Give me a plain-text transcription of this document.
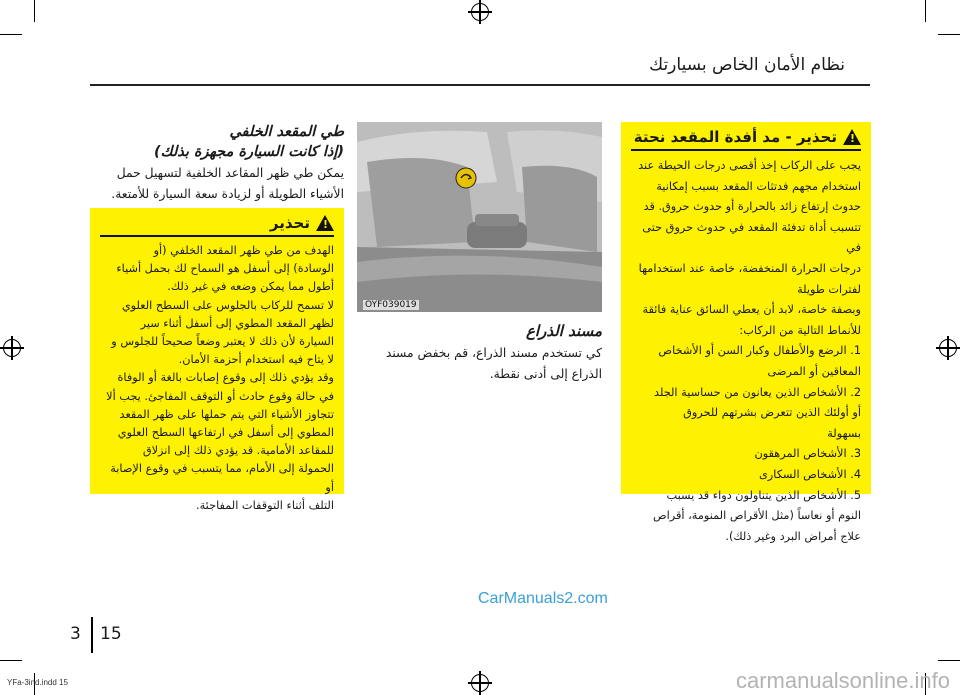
نظام الأمان الخاص بسيارتك
!
تحذير - مد أفدة المقعد نحتة
يجب على الركاب إخذ أقصى درجات الحيطة عند
استخدام مجهم فدتثات المقعد بسبب إمكانية
حدوث إرتفاع زائد بالحرارة أو حدوث حروق. قد
تتسبب أداة تدفئة المقعد في حدوث حروق حتى في
درجات الحرارة المنخفضة، خاصة عند استخدامها
لفترات طويلة
وبصفة خاصة، لابد أن يعطي السائق عناية فائقة
للأنماط التالية من الركاب:
1. الرضع والأطفال وكبار السن أو الأشخاص
المعاقين أو المرضى
2. الأشخاص الذين يعانون من حساسية الجلد
أو أولئك الذين تتعرض بشرتهم للحروق
بسهولة
3. الأشخاص المرهقون
4. الأشخاص السكارى
5. الأشخاص الذين يتناولون دواء قد يسبب
النوم أو نعاساً (مثل الأقراص المنومة، أقراص
علاج أمراض البرد وغير ذلك).
OYF039019
مسند الذراع
كي تستخدم مسند الذراع، قم بخفض مسند الذراع إلى أدنى نقطة.
طي المقعد الخلفي
(إذا كانت السيارة مجهزة بذلك)
يمكن طي ظهر المقاعد الخلفية لتسهيل حمل الأشياء الطويلة أو لزيادة سعة السيارة للأمتعة.
!
تحذير
الهدف من طي ظهر المقعد الخلفي (أو
الوسادة) إلى أسفل هو السماح لك بحمل أشياء
أطول مما يمكن وضعه في غير ذلك.
لا تسمح للركاب بالجلوس على السطح العلوي
لظهر المقعد المطوي إلى أسفل أثناء سير
السيارة لأن ذلك لا يعتبر وضعاً صحيحاً للجلوس و
لا يتاح فيه استخدام أحزمة الأمان.
وقد يؤدي ذلك إلى وقوع إصابات بالغة أو الوفاة
في حالة وقوع حادث أو التوقف المفاجئ. يجب ألا
تتجاوز الأشياء التي يتم حملها على ظهر المقعد
المطوي إلى أسفل في ارتفاعها السطح العلوي
للمقاعد الأمامية. قد يؤدي ذلك إلى انزلاق
الحمولة إلى الأمام، مما يتسبب في وقوع الإصابة أو
التلف أثناء التوقفات المفاجئة.
CarManuals2.com
3 15
YFa-3ind.indd 15	carmanualsonline.info
